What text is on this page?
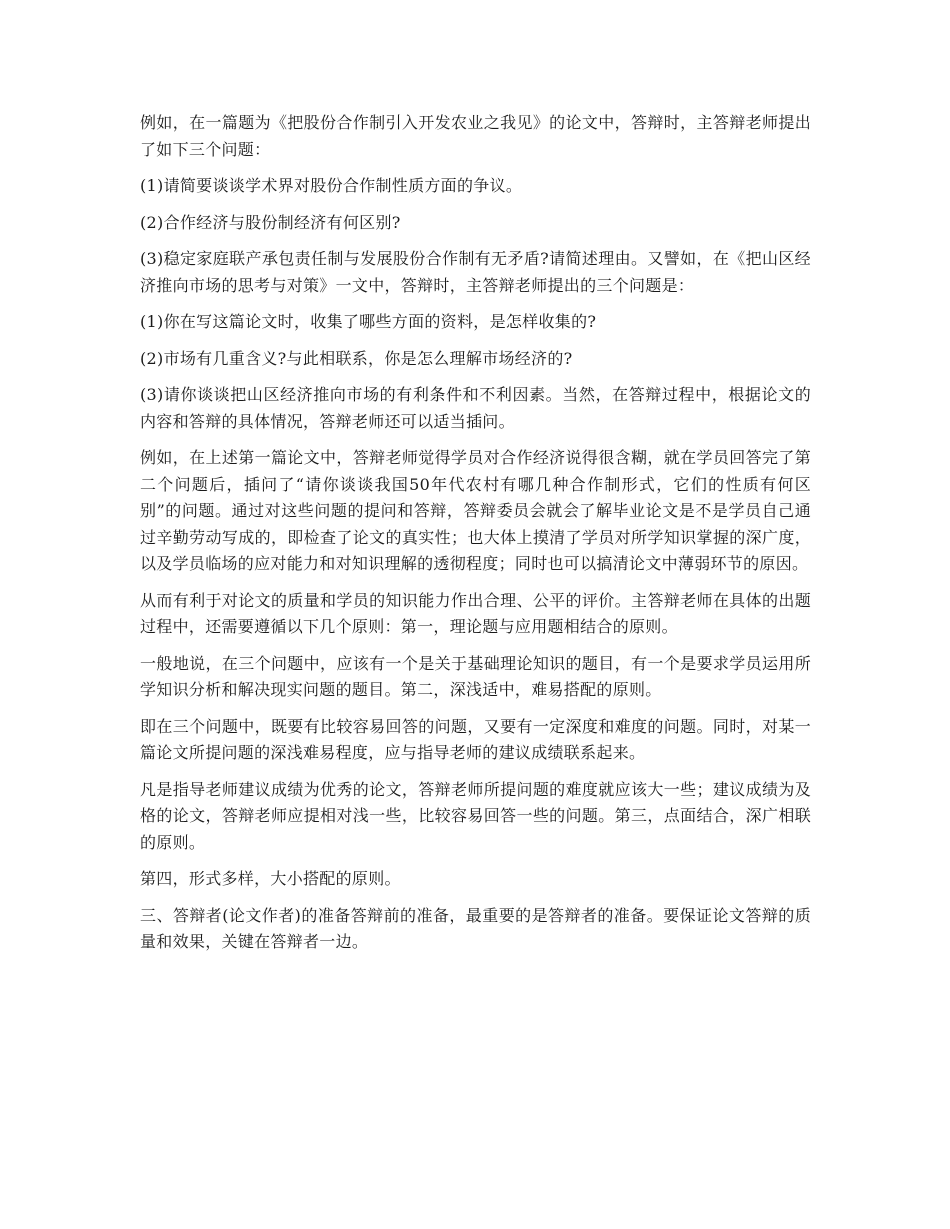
例如，在一篇题为《把股份合作制引入开发农业之我见》的论文中，答辩时，主答辩老师提出了如下三个问题：

(1)请简要谈谈学术界对股份合作制性质方面的争议。

(2)合作经济与股份制经济有何区别?

(3)稳定家庭联产承包责任制与发展股份合作制有无矛盾?请简述理由。又譬如，在《把山区经济推向市场的思考与对策》一文中，答辩时，主答辩老师提出的三个问题是：

(1)你在写这篇论文时，收集了哪些方面的资料，是怎样收集的?

(2)市场有几重含义?与此相联系，你是怎么理解市场经济的?

(3)请你谈谈把山区经济推向市场的有利条件和不利因素。当然，在答辩过程中，根据论文的内容和答辩的具体情况，答辩老师还可以适当插问。

例如，在上述第一篇论文中，答辩老师觉得学员对合作经济说得很含糊，就在学员回答完了第二个问题后，插问了“请你谈谈我国50年代农村有哪几种合作制形式，它们的性质有何区别”的问题。通过对这些问题的提问和答辩，答辩委员会就会了解毕业论文是不是学员自己通过辛勤劳动写成的，即检查了论文的真实性；也大体上摸清了学员对所学知识掌握的深广度，以及学员临场的应对能力和对知识理解的透彻程度；同时也可以搞清论文中薄弱环节的原因。

从而有利于对论文的质量和学员的知识能力作出合理、公平的评价。主答辩老师在具体的出题过程中，还需要遵循以下几个原则：第一，理论题与应用题相结合的原则。

一般地说，在三个问题中，应该有一个是关于基础理论知识的题目，有一个是要求学员运用所学知识分析和解决现实问题的题目。第二，深浅适中，难易搭配的原则。

即在三个问题中，既要有比较容易回答的问题，又要有一定深度和难度的问题。同时，对某一篇论文所提问题的深浅难易程度，应与指导老师的建议成绩联系起来。

凡是指导老师建议成绩为优秀的论文，答辩老师所提问题的难度就应该大一些；建议成绩为及格的论文，答辩老师应提相对浅一些，比较容易回答一些的问题。第三，点面结合，深广相联的原则。

第四，形式多样，大小搭配的原则。

三、答辩者(论文作者)的准备答辩前的准备，最重要的是答辩者的准备。要保证论文答辩的质量和效果，关键在答辩者一边。
